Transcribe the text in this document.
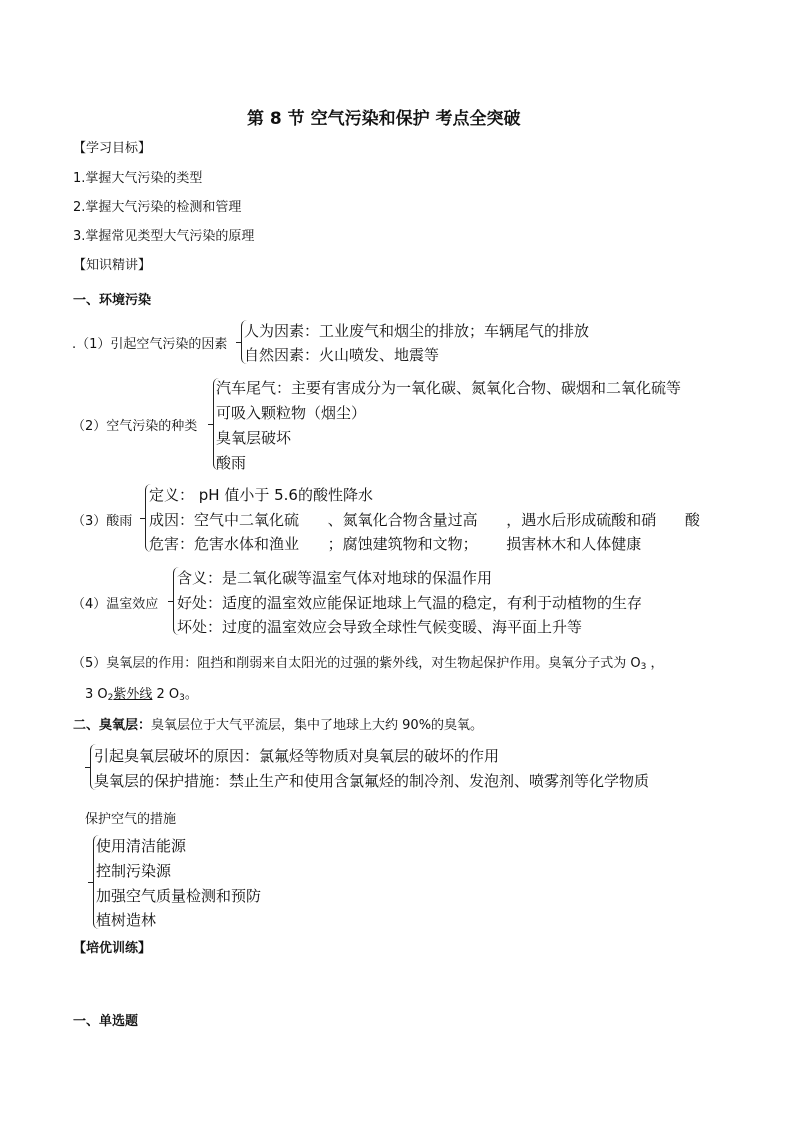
第 8 节 空气污染和保护 考点全突破
【学习目标】
1.掌握大气污染的类型
2.掌握大气污染的检测和管理
3.掌握常见类型大气污染的原理
【知识精讲】
一、环境污染
.（1）引起空气污染的因素
人为因素：工业废气和烟尘的排放；车辆尾气的排放
自然因素：火山喷发、地震等
（2）空气污染的种类
汽车尾气：主要有害成分为一氧化碳、氮氧化合物、碳烟和二氧化硫等
可吸入颗粒物（烟尘）
臭氧层破坏
酸雨
（3）酸雨
定义： pH 值小于 5.6的酸性降水
成因：空气中二氧化硫      、氮氧化合物含量过高      ，遇水后形成硫酸和硝      酸
危害：危害水体和渔业      ；腐蚀建筑物和文物；      损害林木和人体健康
（4）温室效应
含义：是二氧化碳等温室气体对地球的保温作用
好处：适度的温室效应能保证地球上气温的稳定，有利于动植物的生存
坏处：过度的温室效应会导致全球性气候变暖、海平面上升等
（5）臭氧层的作用：阻挡和削弱来自太阳光的过强的紫外线，对生物起保护作用。臭氧分子式为 $O_3$ ，
3 $O_2$紫外线 2 $O_3$。
二、臭氧层：臭氧层位于大气平流层，集中了地球上大约 90%的臭氧。
引起臭氧层破坏的原因：氯氟烃等物质对臭氧层的破坏的作用
臭氧层的保护措施：禁止生产和使用含氯氟烃的制冷剂、发泡剂、喷雾剂等化学物质
保护空气的措施
使用清洁能源
控制污染源
加强空气质量检测和预防
植树造林
【培优训练】
一、单选题
